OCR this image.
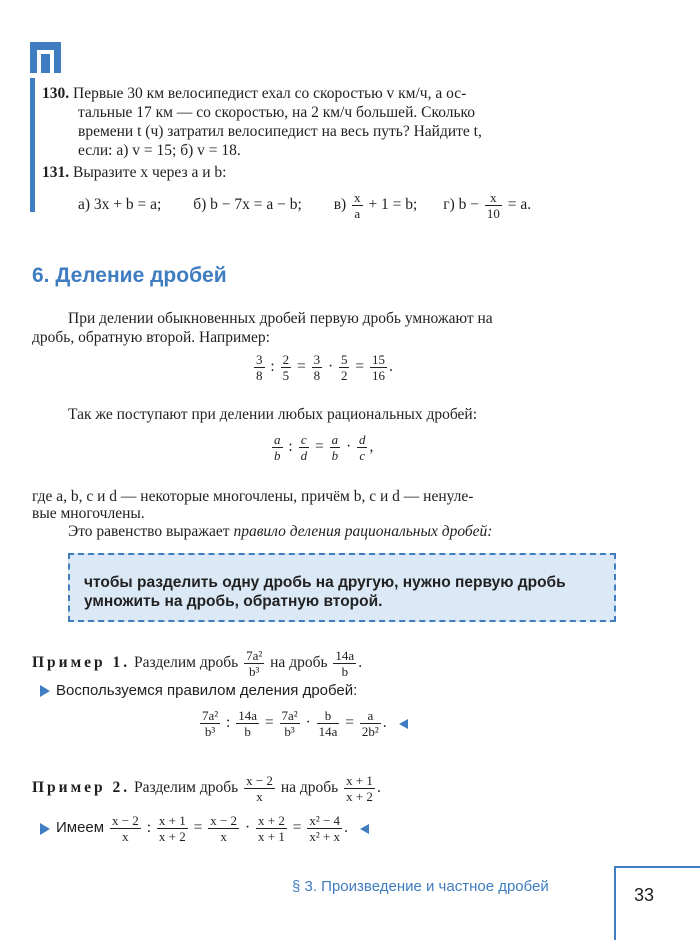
130. Первые 30 км велосипедист ехал со скоростью v км/ч, а ос-
тальные 17 км — со скоростью, на 2 км/ч большей. Сколько
времени t (ч) затратил велосипедист на весь путь? Найдите t,
если: а) v = 15; б) v = 18.
131. Выразите x через a и b:
а) 3x + b = a; б) b − 7x = a − b; $в) \frac{x}{a} + 1 = b$; г) $b - \frac{x}{10} = a$.
6. Деление дробей
При делении обыкновенных дробей первую дробь умножают на
дробь, обратную второй. Например:
$\frac{3}{8}$ : $\frac{2}{5} = \frac{3}{8} \cdot \frac{5}{2} = \frac{15}{16}$ .
Так же поступают при делении любых рациональных дробей:
$\frac{a}{b}$ : $\frac{c}{d} = \frac{a}{b} \cdot \frac{d}{c}$ ,
где a, b, c и d — некоторые многочлены, причём b, c и d — ненуле-
вые многочлены.
Это равенство выражает правило деления рациональных дробей:
чтобы разделить одну дробь на другую, нужно первую дробь
умножить на дробь, обратную второй.
Пример 1. Разделим дробь $\frac{\text{7a²}}{\text{b³}}$ на дробь $\frac{14a}{b}$ .
Воспользуемся правилом деления дробей:
$\frac{\text{7a²}}{\text{b³}}$ : $\frac{14a}{b} = \frac{\text{7a²}}{\text{b³}} \cdot \frac{b}{14a} = \frac{a}{\text{2b²}}$ .
Пример 2. Разделим дробь $\frac{x - 2}{x}$ на дробь $\frac{x + 1}{x + 2}$ .
Имеем $\frac{x - 2}{x}$ : $\frac{x + 1}{x + 2} = \frac{x - 2}{x} \cdot \frac{x + 2}{x + 1} = \frac{\text{x² − 4}}{\text{x² + x}}$ .
§ 3. Произведение и частное дробей	33
